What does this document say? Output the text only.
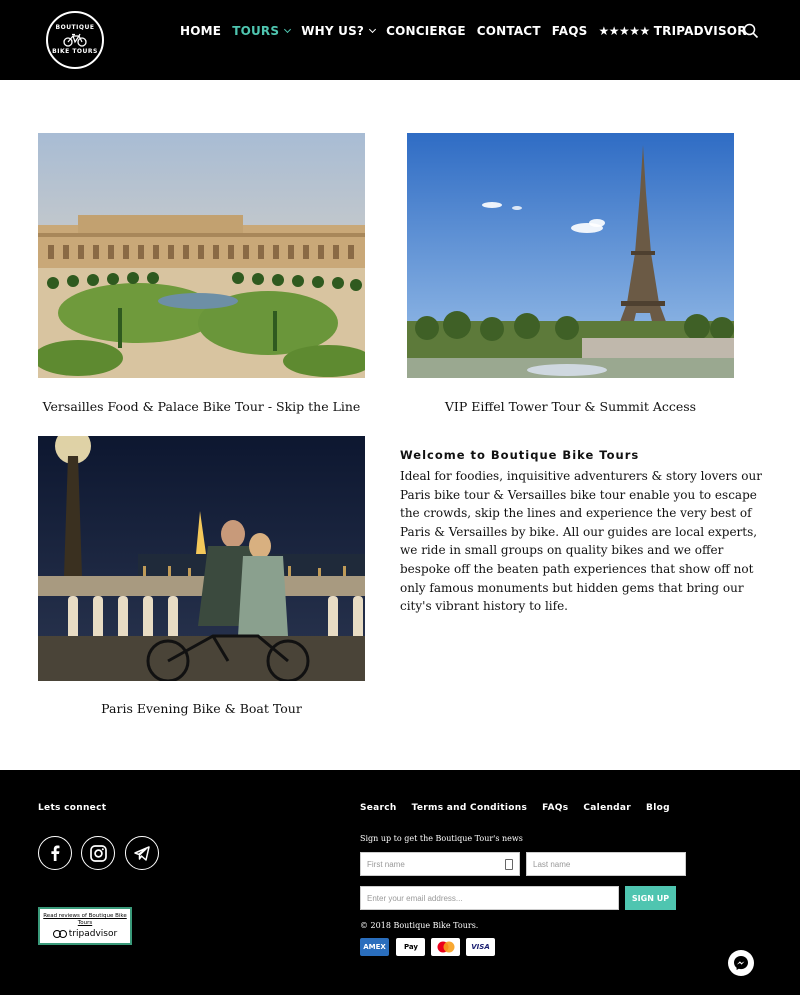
BOUTIQUE
BIKE TOURS
HOME TOURS WHY US? CONCIERGE CONTACT FAQS ★★★★★ TRIPADVISOR
Versailles Food & Palace Bike Tour - Skip the Line	VIP Eiffel Tower Tour & Summit Access
Paris Evening Bike & Boat Tour
Welcome to Boutique Bike Tours
Ideal for foodies, inquisitive adventurers & story lovers our Paris bike tour & Versailles bike tour enable you to escape the crowds, skip the lines and experience the very best of Paris & Versailles by bike. All our guides are local experts, we ride in small groups on quality bikes and we offer bespoke off the beaten path experiences that show off not only famous monuments but hidden gems that bring our city's vibrant history to life.
Lets connect
Read reviews of Boutique Bike Tours
tripadvisor
Search Terms and Conditions FAQs Calendar Blog
Sign up to get the Boutique Tour's news
First name	Last name
Enter your email address...	SIGN UP
© 2018 Boutique Bike Tours.
AMEX	Pay	VISA
